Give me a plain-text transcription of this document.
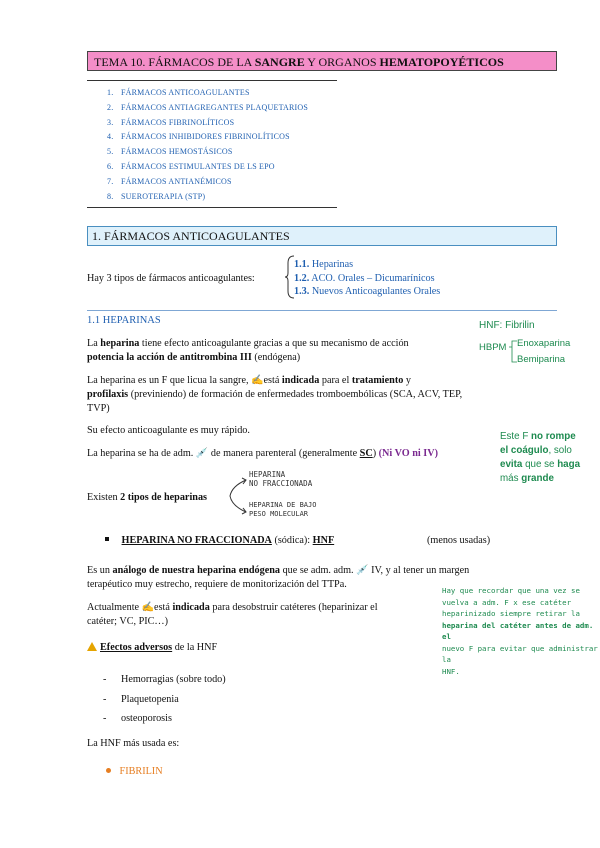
TEMA 10. FÁRMACOS DE LA SANGRE Y ORGANOS HEMATOPOYÉTICOS
1. FÁRMACOS ANTICOAGULANTES
2. FÁRMACOS ANTIAGREGANTES PLAQUETARIOS
3. FÁRMACOS FIBRINOLÍTICOS
4. FÁRMACOS INHIBIDORES FIBRINOLÍTICOS
5. FÁRMACOS HEMOSTÁSICOS
6. FÁRMACOS ESTIMULANTES DE LS EPO
7. FÁRMACOS ANTIANÉMICOS
8. SUEROTERAPIA (STP)
1. FÁRMACOS ANTICOAGULANTES
Hay 3 tipos de fármacos anticoagulantes:
1.1. Heparinas
1.2. ACO. Orales – Dicumarínicos
1.3. Nuevos Anticoagulantes Orales
1.1 HEPARINAS
La heparina tiene efecto anticoagulante gracias a que su mecanismo de acción
potencia la acción de antitrombina III (endógena)
La heparina es un F que licua la sangre, ✍está indicada para el tratamiento y
profilaxis (previniendo) de formación de enfermedades tromboembólicas (SCA, ACV, TEP,
TVP)
Su efecto anticoagulante es muy rápido.
La heparina se ha de adm. 💉 de manera parenteral (generalmente SC) (Ni VO ni IV)
Existen 2 tipos de heparinas
HEPARINA
NO FRACCIONADA
HEPARINA DE BAJO
PESO MOLECULAR
HEPARINA NO FRACCIONADA (sódica): HNF	(menos usadas)
Es un análogo de nuestra heparina endógena que se adm. adm. 💉 IV, y al tener un margen
terapéutico muy estrecho, requiere de monitorización del TTPa.
Actualmente ✍está indicada para desobstruir catéteres (heparinizar el
catéter; VC, PIC…)
Efectos adversos de la HNF
- Hemorragias (sobre todo)
- Plaquetopenia
- osteoporosis
La HNF más usada es:
FIBRILIN
HNF: Fibrilin
HBPM Enoxaparina
Bemiparina
Este F no rompe
el coágulo, solo
evita que se haga
más grande
Hay que recordar que una vez se
vuelva a adm. F x ese catéter
heparinizado siempre retirar la
heparina del catéter antes de adm. el
nuevo F para evitar que administrar la
HNF.
